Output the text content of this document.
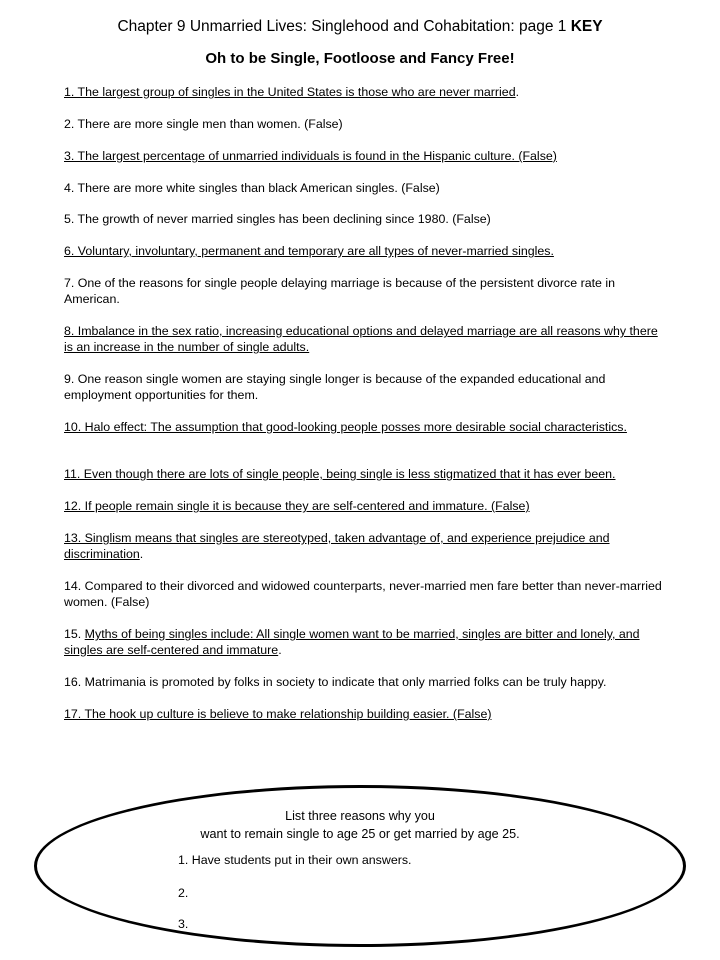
Chapter 9 Unmarried Lives: Singlehood and Cohabitation: page 1 KEY
Oh to be Single, Footloose and Fancy Free!
1. The largest group of singles in the United States is those who are never married.
2. There are more single men than women. (False)
3. The largest percentage of unmarried individuals is found in the Hispanic culture. (False)
4. There are more white singles than black American singles. (False)
5. The growth of never married singles has been declining since 1980. (False)
6. Voluntary, involuntary, permanent and temporary are all types of never-married singles.
7. One of the reasons for single people delaying marriage is because of the persistent divorce rate in American.
8. Imbalance in the sex ratio, increasing educational options and delayed marriage are all reasons why there is an increase in the number of single adults.
9. One reason single women are staying single longer is because of the expanded educational and employment opportunities for them.
10. Halo effect: The assumption that good-looking people posses more desirable social characteristics.
11. Even though there are lots of single people, being single is less stigmatized that it has ever been.
12. If people remain single it is because they are self-centered and immature. (False)
13. Singlism means that singles are stereotyped, taken advantage of, and experience prejudice and discrimination.
14. Compared to their divorced and widowed counterparts, never-married men fare better than never-married women. (False)
15. Myths of being singles include: All single women want to be married, singles are bitter and lonely, and singles are self-centered and immature.
16. Matrimania is promoted by folks in society to indicate that only married folks can be truly happy.
17. The hook up culture is believe to make relationship building easier. (False)
List three reasons why you
want to remain single to age 25 or get married by age 25.
1. Have students put in their own answers.
2.
3.
